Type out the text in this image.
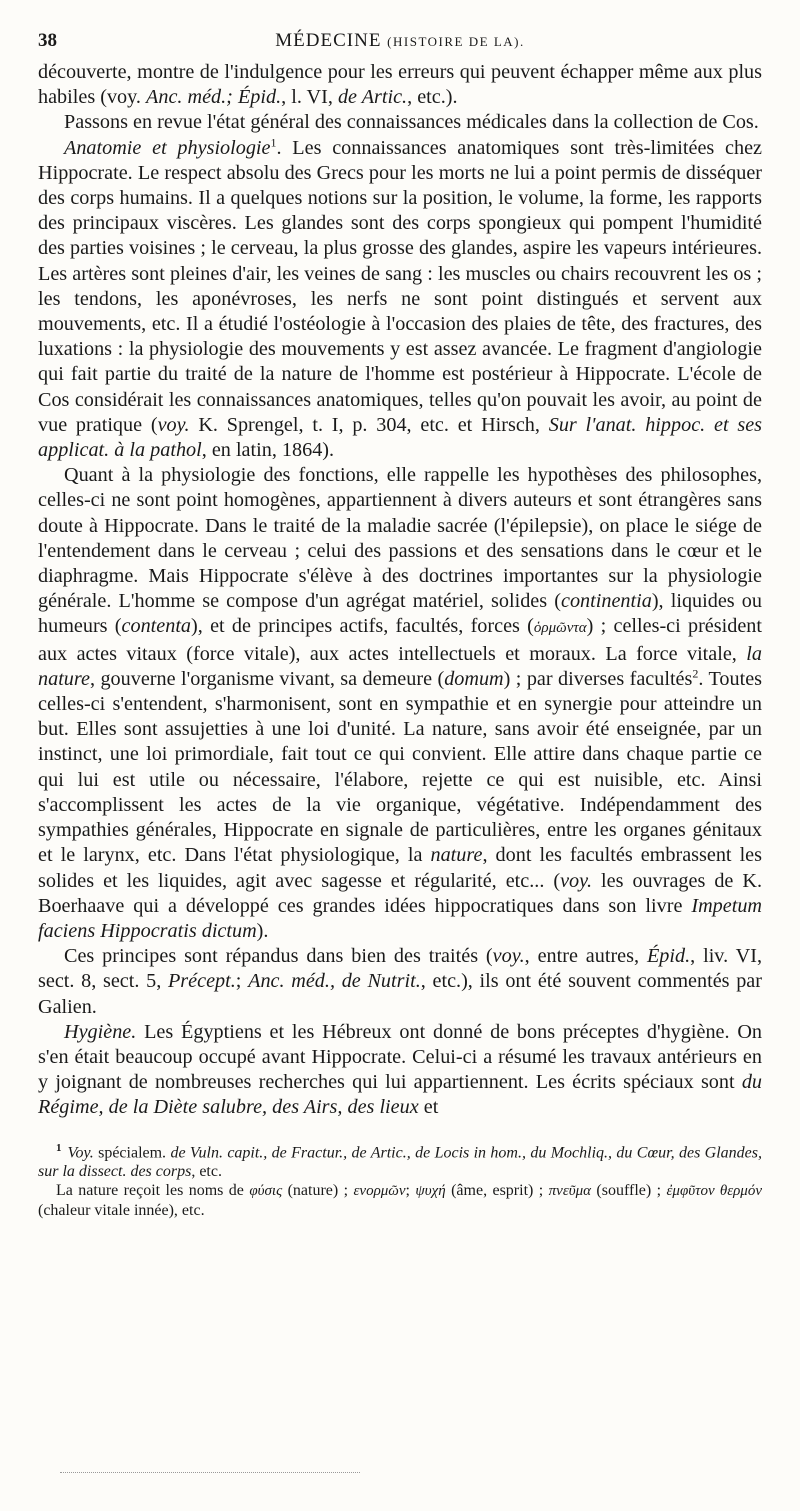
38	MÉDECINE (HISTOIRE DE LA).

découverte, montre de l'indulgence pour les erreurs qui peuvent échapper même aux plus habiles (voy. Anc. méd.; Épid., l. VI, de Artic., etc.).

Passons en revue l'état général des connaissances médicales dans la collection de Cos.

Anatomie et physiologie$^1$. Les connaissances anatomiques sont très-limitées chez Hippocrate. Le respect absolu des Grecs pour les morts ne lui a point permis de disséquer des corps humains. Il a quelques notions sur la position, le volume, la forme, les rapports des principaux viscères. Les glandes sont des corps spongieux qui pompent l'humidité des parties voisines ; le cerveau, la plus grosse des glandes, aspire les vapeurs intérieures. Les artères sont pleines d'air, les veines de sang : les muscles ou chairs recouvrent les os ; les tendons, les aponévroses, les nerfs ne sont point distingués et servent aux mouvements, etc. Il a étudié l'ostéologie à l'occasion des plaies de tête, des fractures, des luxations : la physiologie des mouvements y est assez avancée. Le fragment d'angiologie qui fait partie du traité de la nature de l'homme est postérieur à Hippocrate. L'école de Cos considérait les connaissances anatomiques, telles qu'on pouvait les avoir, au point de vue pratique (voy. K. Sprengel, t. I, p. 304, etc. et Hirsch, Sur l'anat. hippoc. et ses applicat. à la pathol, en latin, 1864).

Quant à la physiologie des fonctions, elle rappelle les hypothèses des philosophes, celles-ci ne sont point homogènes, appartiennent à divers auteurs et sont étrangères sans doute à Hippocrate. Dans le traité de la maladie sacrée (l'épilepsie), on place le siége de l'entendement dans le cerveau ; celui des passions et des sensations dans le cœur et le diaphragme. Mais Hippocrate s'élève à des doctrines importantes sur la physiologie générale. L'homme se compose d'un agrégat matériel, solides (continentia), liquides ou humeurs (contenta), et de principes actifs, facultés, forces (ὁρμῶντα) ; celles-ci président aux actes vitaux (force vitale), aux actes intellectuels et moraux. La force vitale, la nature, gouverne l'organisme vivant, sa demeure (domum) ; par diverses facultés$^2$. Toutes celles-ci s'entendent, s'harmonisent, sont en sympathie et en synergie pour atteindre un but. Elles sont assujetties à une loi d'unité. La nature, sans avoir été enseignée, par un instinct, une loi primordiale, fait tout ce qui convient. Elle attire dans chaque partie ce qui lui est utile ou nécessaire, l'élabore, rejette ce qui est nuisible, etc. Ainsi s'accomplissent les actes de la vie organique, végétative. Indépendamment des sympathies générales, Hippocrate en signale de particulières, entre les organes génitaux et le larynx, etc. Dans l'état physiologique, la nature, dont les facultés embrassent les solides et les liquides, agit avec sagesse et régularité, etc... (voy. les ouvrages de K. Boerhaave qui a développé ces grandes idées hippocratiques dans son livre Impetum faciens Hippocratis dictum).

Ces principes sont répandus dans bien des traités (voy., entre autres, Épid., liv. VI, sect. 8, sect. 5, Précept.; Anc. méd., de Nutrit., etc.), ils ont été souvent commentés par Galien.

Hygiène. Les Égyptiens et les Hébreux ont donné de bons préceptes d'hygiène. On s'en était beaucoup occupé avant Hippocrate. Celui-ci a résumé les travaux antérieurs en y joignant de nombreuses recherches qui lui appartiennent. Les écrits spéciaux sont du Régime, de la Diète salubre, des Airs, des lieux et

$^1$ Voy. spécialem. de Vuln. capit., de Fractur., de Artic., de Locis in hom., du Mochliq., du Cœur, des Glandes, sur la dissect. des corps, etc.

La nature reçoit les noms de φύσις (nature) ; ενορμῶν; ψυχή (âme, esprit) ; πνεῦμα (souffle) ; ἐμφῦτον θερμόν (chaleur vitale innée), etc.
